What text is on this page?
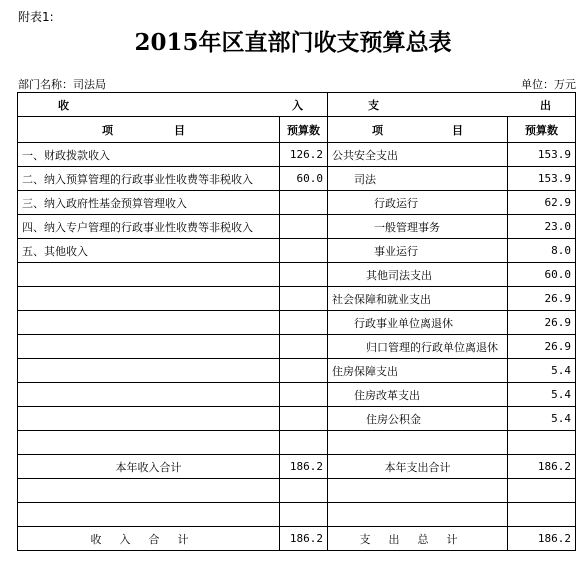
附表1:
2015年区直部门收支预算总表
部门名称：司法局	单位：万元
收 入		支 出	

项 目	预算数	项 目	预算数
一、财政拨款收入	126.2	公共安全支出	153.9
二、纳入预算管理的行政事业性收费等非税收入	60.0	司法	153.9
三、纳入政府性基金预算管理收入		行政运行	62.9
四、纳入专户管理的行政事业性收费等非税收入		一般管理事务	23.0
五、其他收入		事业运行	8.0
		其他司法支出	60.0
		社会保障和就业支出	26.9
		行政事业单位离退休	26.9
		归口管理的行政单位离退休	26.9
		住房保障支出	5.4
		住房改革支出	5.4
		住房公积金	5.4

本年收入合计	186.2	本年支出合计	186.2

收入合计	186.2	支出总计	186.2
